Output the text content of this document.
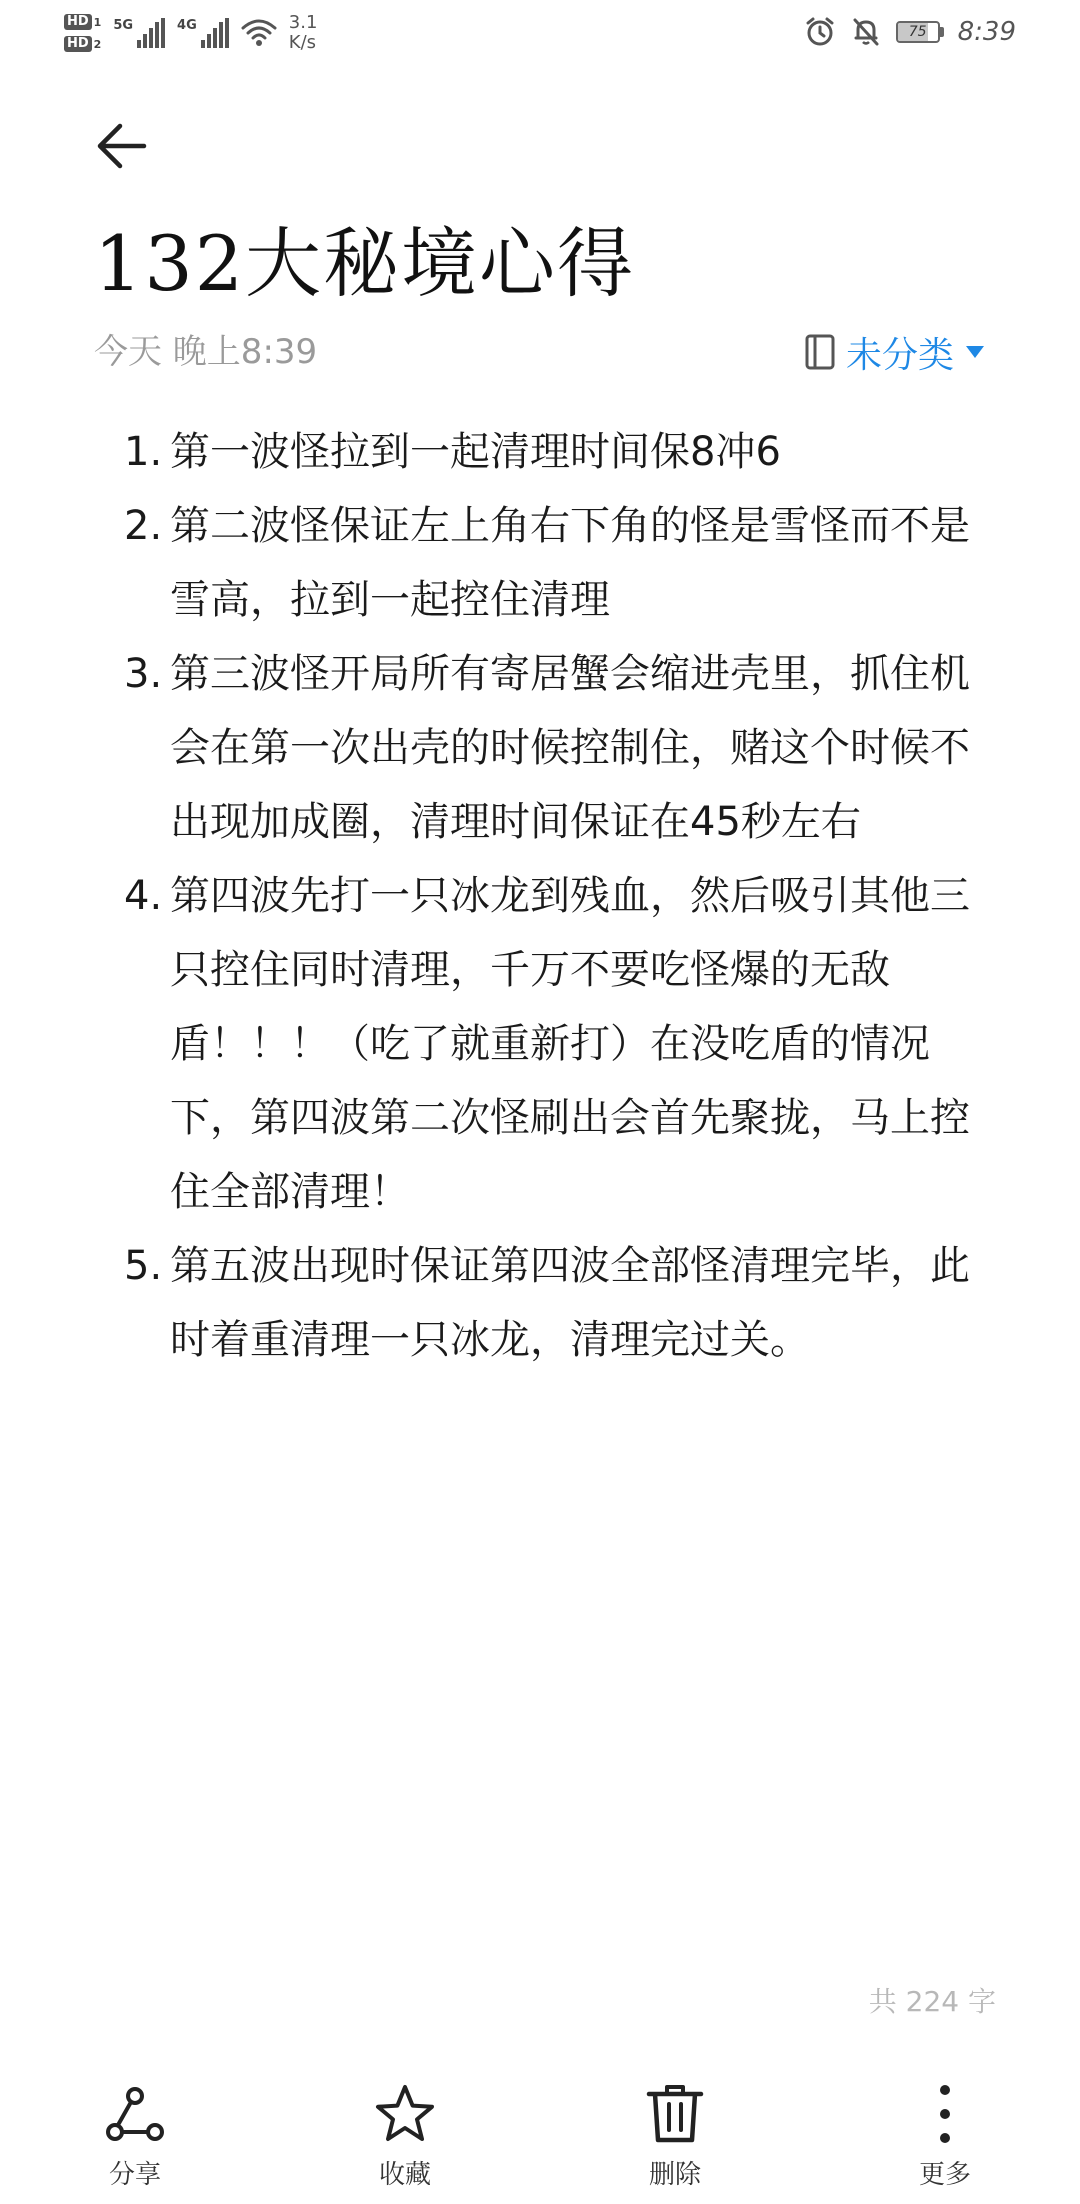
HD 1
HD 2
5G	4G	3.1
K/s	75	8:39
132大秘境心得
今天 晚上8:39	未分类
1. 第一波怪拉到一起清理时间保8冲6
2. 第二波怪保证左上角右下角的怪是雪怪而不是雪高，拉到一起控住清理
3. 第三波怪开局所有寄居蟹会缩进壳里，抓住机会在第一次出壳的时候控制住，赌这个时候不出现加成圈，清理时间保证在45秒左右
4. 第四波先打一只冰龙到残血，然后吸引其他三只控住同时清理，千万不要吃怪爆的无敌盾！！！（吃了就重新打）在没吃盾的情况下，第四波第二次怪刷出会首先聚拢，马上控住全部清理！
5. 第五波出现时保证第四波全部怪清理完毕，此时着重清理一只冰龙，清理完过关。
共 224 字
分享	收藏	删除	更多
